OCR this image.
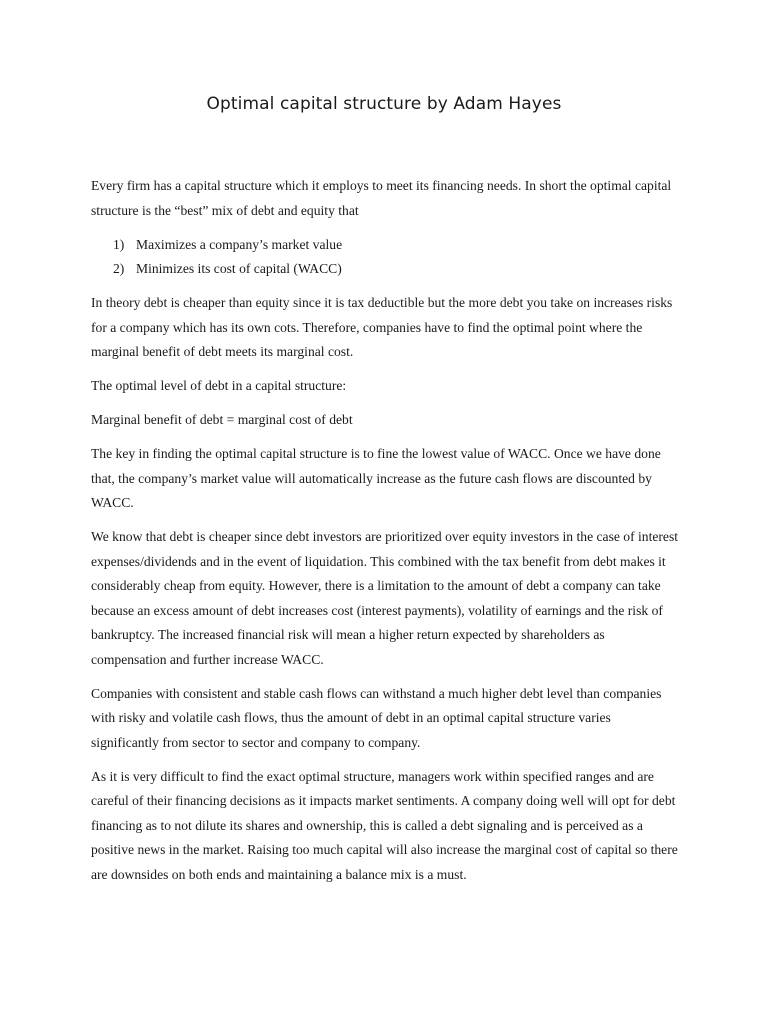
Optimal capital structure by Adam Hayes

Every firm has a capital structure which it employs to meet its financing needs. In short the optimal capital structure is the “best” mix of debt and equity that

1) Maximizes a company’s market value
2) Minimizes its cost of capital (WACC)

In theory debt is cheaper than equity since it is tax deductible but the more debt you take on increases risks for a company which has its own cots. Therefore, companies have to find the optimal point where the marginal benefit of debt meets its marginal cost.

The optimal level of debt in a capital structure:

Marginal benefit of debt = marginal cost of debt

The key in finding the optimal capital structure is to fine the lowest value of WACC. Once we have done that, the company’s market value will automatically increase as the future cash flows are discounted by WACC.

We know that debt is cheaper since debt investors are prioritized over equity investors in the case of interest expenses/dividends and in the event of liquidation. This combined with the tax benefit from debt makes it considerably cheap from equity. However, there is a limitation to the amount of debt a company can take because an excess amount of debt increases cost (interest payments), volatility of earnings and the risk of bankruptcy. The increased financial risk will mean a higher return expected by shareholders as compensation and further increase WACC.

Companies with consistent and stable cash flows can withstand a much higher debt level than companies with risky and volatile cash flows, thus the amount of debt in an optimal capital structure varies significantly from sector to sector and company to company.

As it is very difficult to find the exact optimal structure, managers work within specified ranges and are careful of their financing decisions as it impacts market sentiments. A company doing well will opt for debt financing as to not dilute its shares and ownership, this is called a debt signaling and is perceived as a positive news in the market. Raising too much capital will also increase the marginal cost of capital so there are downsides on both ends and maintaining a balance mix is a must.
